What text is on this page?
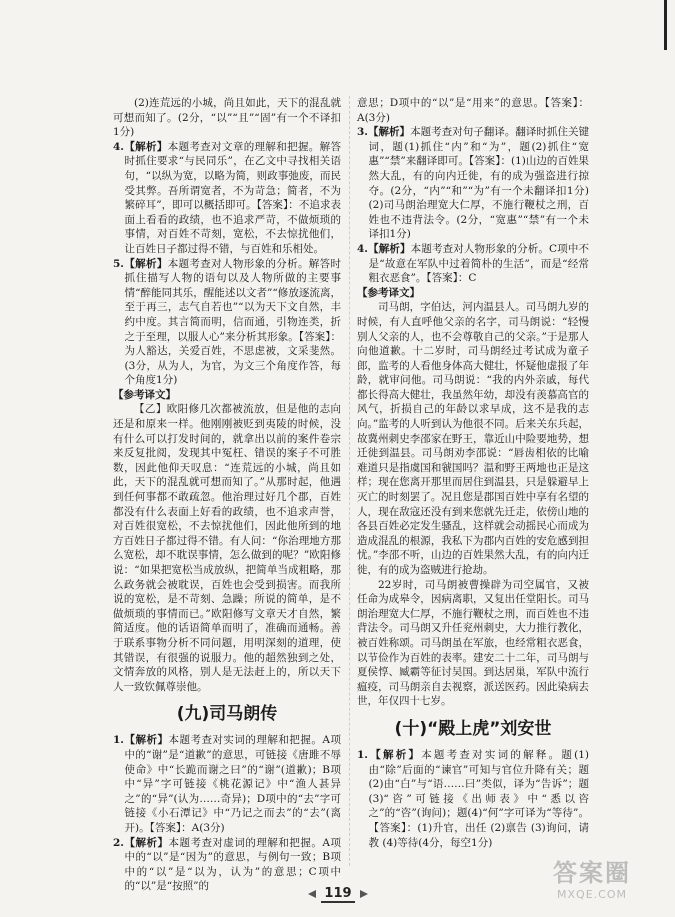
(2)连荒远的小城，尚且如此，天下的混乱就可想而知了。(2分，“以”“且”“固”有一个不译扣1分)

4.【解析】本题考查对文章的理解和把握。解答时抓住要求“与民同乐”，在乙文中寻找相关语句，“以纵为宽，以略为简，则政事弛废，而民受其弊。吾所谓宽者，不为苛急；简者，不为繁碎耳”，即可以概括即可。【答案】：不追求表面上看看的政绩，也不追求严苛，不做烦琐的事情，对百姓不苛刻，宽松，不去惊扰他们，让百姓日子都过得不错，与百姓和乐相处。

5.【解析】本题考查对人物形象的分析。解答时抓住描写人物的语句以及人物所做的主要事情“醉能同其乐，醒能述以文者”“修放逐流离，至于再三，志气自若也”“以为天下文自然，丰约中度。其言简而明，信而通，引物连类，折之于至理，以服人心”来分析其形象。【答案】：为人豁达，关爱百姓，不思虑被，文采斐然。(3分，从为人，为官，为文三个角度作答，每个角度1分)

【参考译文】

【乙】欧阳修几次都被流放，但是他的志向还是和原来一样。他刚刚被贬到夷陵的时候，没有什么可以打发时间的，就拿出以前的案件卷宗来反复批阅，发现其中冤枉、错误的案子不可胜数，因此他仰天叹息：“连荒远的小城，尚且如此，天下的混乱就可想而知了。”从那时起，他遇到任何事都不敢疏忽。他治理过好几个郡，百姓都没有什么表面上好看的政绩，也不追求声誉，对百姓很宽松，不去惊扰他们，因此他所到的地方百姓日子都过得不错。有人问：“你治理地方那么宽松，却不耽误事情，怎么做到的呢？”欧阳修说：“如果把宽松当成放纵，把简单当成粗略，那么政务就会被耽误，百姓也会受到损害。而我所说的宽松，是不苛刻、急躁；所说的简单，是不做烦琐的事情而已。”欧阳修写文章天才自然，繁简适度。他的话语简单而明了，准确而通畅。善于联系事物分析不同问题，用明深刻的道理，使其错误，有很强的说服力。他的超然独到之处，文情奔放的风格，别人是无法赶上的，所以天下人一致钦佩尊崇他。

(九)司马朗传

1.【解析】本题考查对实词的理解和把握。A项中的“谢”是“道歉”的意思，可链接《唐雎不辱使命》中“长跪而谢之曰”的“谢”(道歉)；B项中“异”字可链接《桃花源记》中“渔人甚异之”的“异”(认为……奇异)；D项中的“去”字可链接《小石潭记》中“乃记之而去”的“去”(离开)。【答案】：A(3分)

2.【解析】本题考查对虚词的理解和把握。A项中的“以”是“因为”的意思，与例句一致；B项中的“以”是“以为，认为”的意思；C项中的“以”是“按照”的

意思；D项中的“以”是“用来”的意思。【答案】：A(3分)

3.【解析】本题考查对句子翻译。翻译时抓住关键词，题(1)抓住“内”和“为”，题(2)抓住“宽惠”“禁”来翻译即可。【答案】：(1)山边的百姓果然大乱，有的向内迁徙，有的成为强盗进行掠夺。(2分，“内”“和”“为”有一个未翻译扣1分) (2)司马朗治理宽大仁厚，不施行鞭杖之刑，百姓也不违背法令。(2分，“宽惠”“禁”有一个未译扣1分)

4.【解析】本题考查对人物形象的分析。C项中不是“故意在军队中过着简朴的生活”，而是“经常粗衣恶食”。【答案】：C

【参考译文】

司马朗，字伯达，河内温县人。司马朗九岁的时候，有人直呼他父亲的名字，司马朗说：“轻慢别人父亲的人，也不会尊敬自己的父亲。”于是那人向他道歉。十二岁时，司马朗经过考试成为童子郎，监考的人看他身体高大健壮，怀疑他虚报了年龄，就审问他。司马朗说：“我的内外亲戚，每代都长得高大健壮，我虽然年幼，却没有羡慕高官的风气，折损自己的年龄以求早成，这不是我的志向。”监考的人听到认为他很不同。后来关东兵起，故冀州刺史李邵家在野王，靠近山中险要地势，想迁徙到温县。司马朗劝李邵说：“唇齿相依的比喻难道只是指虞国和虢国吗？温和野王两地也正是这样；现在您离开那里而居住到温县，只是躲避早上灭亡的时刻罢了。况且您是郡国百姓中享有名望的人，现在敌寇还没有到来您就先迁走，依傍山地的各县百姓必定发生骚乱，这样就会动摇民心而成为造成混乱的根源，我私下为郡内百姓的安危感到担忧。”李邵不听，山边的百姓果然大乱，有的向内迁徙，有的成为盗贼进行抢劫。

22岁时，司马朗被曹操辟为司空属官，又被任命为成皋令，因病离职，又复出任堂阳长。司马朗治理宽大仁厚，不施行鞭杖之刑，而百姓也不违背法令。司马朗又升任兖州刺史，大力推行教化，被百姓称颂。司马朗虽在军旅，也经常粗衣恶食，以节俭作为百姓的表率。建安二十二年，司马朗与夏侯惇、臧霸等征讨吴国。到达居巢，军队中流行瘟疫，司马朗亲自去视察，派送医药。因此染病去世，年仅四十七岁。

(十)“殿上虎”刘安世

1.【解析】本题考查对实词的解释。题(1)由“除”后面的“谏官”可知与官位升降有关；题(2)由“白”与“语……曰”类似，译为“告诉”；题(3)“咨”可链接《出师表》中“悉以咨之”的“咨”(询问)；题(4)“何”字可译为“等待”。【答案】：(1)升官，出任 (2)禀告 (3)询问，请教 (4)等待(4分，每空1分)

119
答案圈
MXQE.COM
